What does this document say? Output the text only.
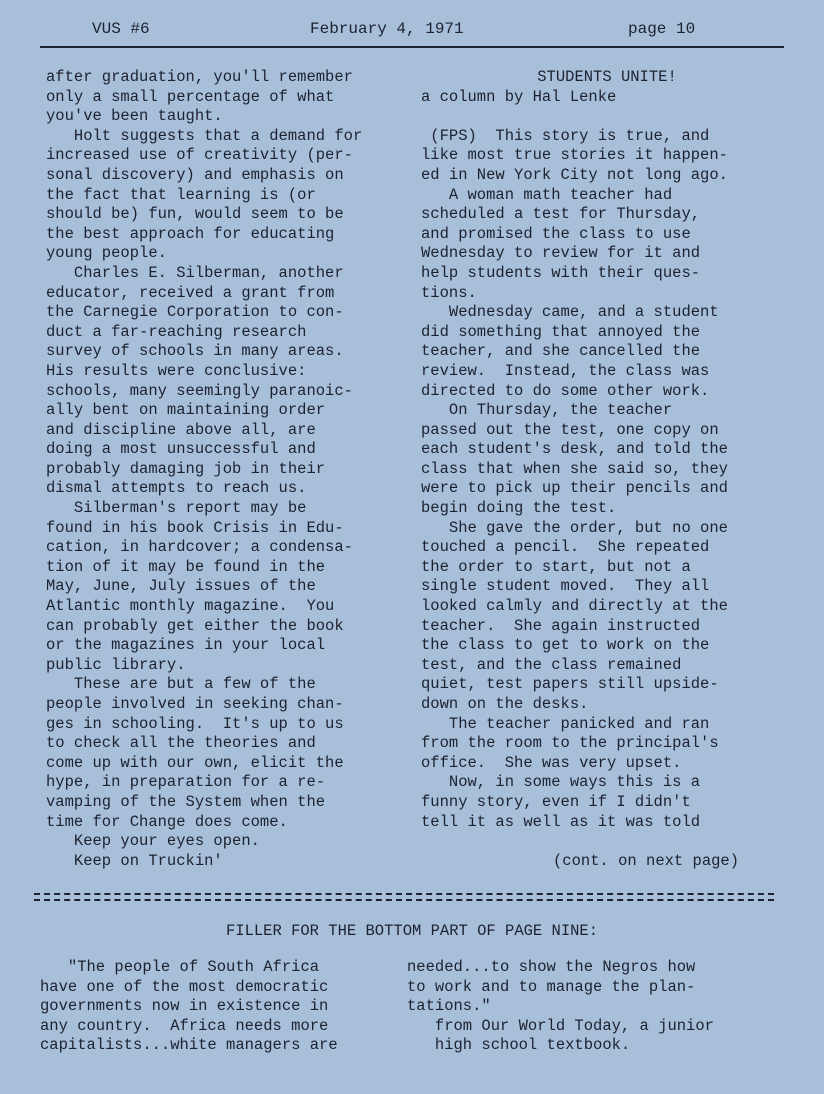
VUS #6	February 4, 1971	page 10

after graduation, you'll remember

only a small percentage of what

you've been taught.

Holt suggests that a demand for

increased use of creativity (per-

sonal discovery) and emphasis on

the fact that learning is (or

should be) fun, would seem to be

the best approach for educating

young people.

Charles E. Silberman, another

educator, received a grant from

the Carnegie Corporation to con-

duct a far-reaching research

survey of schools in many areas.

His results were conclusive:

schools, many seemingly paranoic-

ally bent on maintaining order

and discipline above all, are

doing a most unsuccessful and

probably damaging job in their

dismal attempts to reach us.

Silberman's report may be

found in his book Crisis in Edu-

cation, in hardcover; a condensa-

tion of it may be found in the

May, June, July issues of the

Atlantic monthly magazine.  You

can probably get either the book

or the magazines in your local

public library.

These are but a few of the

people involved in seeking chan-

ges in schooling.  It's up to us

to check all the theories and

come up with our own, elicit the

hype, in preparation for a re-

vamping of the System when the

time for Change does come.

Keep your eyes open.

Keep on Truckin'

STUDENTS UNITE!

a column by Hal Lenke

(FPS)  This story is true, and

like most true stories it happen-

ed in New York City not long ago.

A woman math teacher had

scheduled a test for Thursday,

and promised the class to use

Wednesday to review for it and

help students with their ques-

tions.

Wednesday came, and a student

did something that annoyed the

teacher, and she cancelled the

review.  Instead, the class was

directed to do some other work.

On Thursday, the teacher

passed out the test, one copy on

each student's desk, and told the

class that when she said so, they

were to pick up their pencils and

begin doing the test.

She gave the order, but no one

touched a pencil.  She repeated

the order to start, but not a

single student moved.  They all

looked calmly and directly at the

teacher.  She again instructed

the class to get to work on the

test, and the class remained

quiet, test papers still upside-

down on the desks.

The teacher panicked and ran

from the room to the principal's

office.  She was very upset.

Now, in some ways this is a

funny story, even if I didn't

tell it as well as it was told

(cont. on next page)

FILLER FOR THE BOTTOM PART OF PAGE NINE:

"The people of South Africa

have one of the most democratic

governments now in existence in

any country.  Africa needs more

capitalists...white managers are

needed...to show the Negros how

to work and to manage the plan-

tations."

from Our World Today, a junior

high school textbook.
